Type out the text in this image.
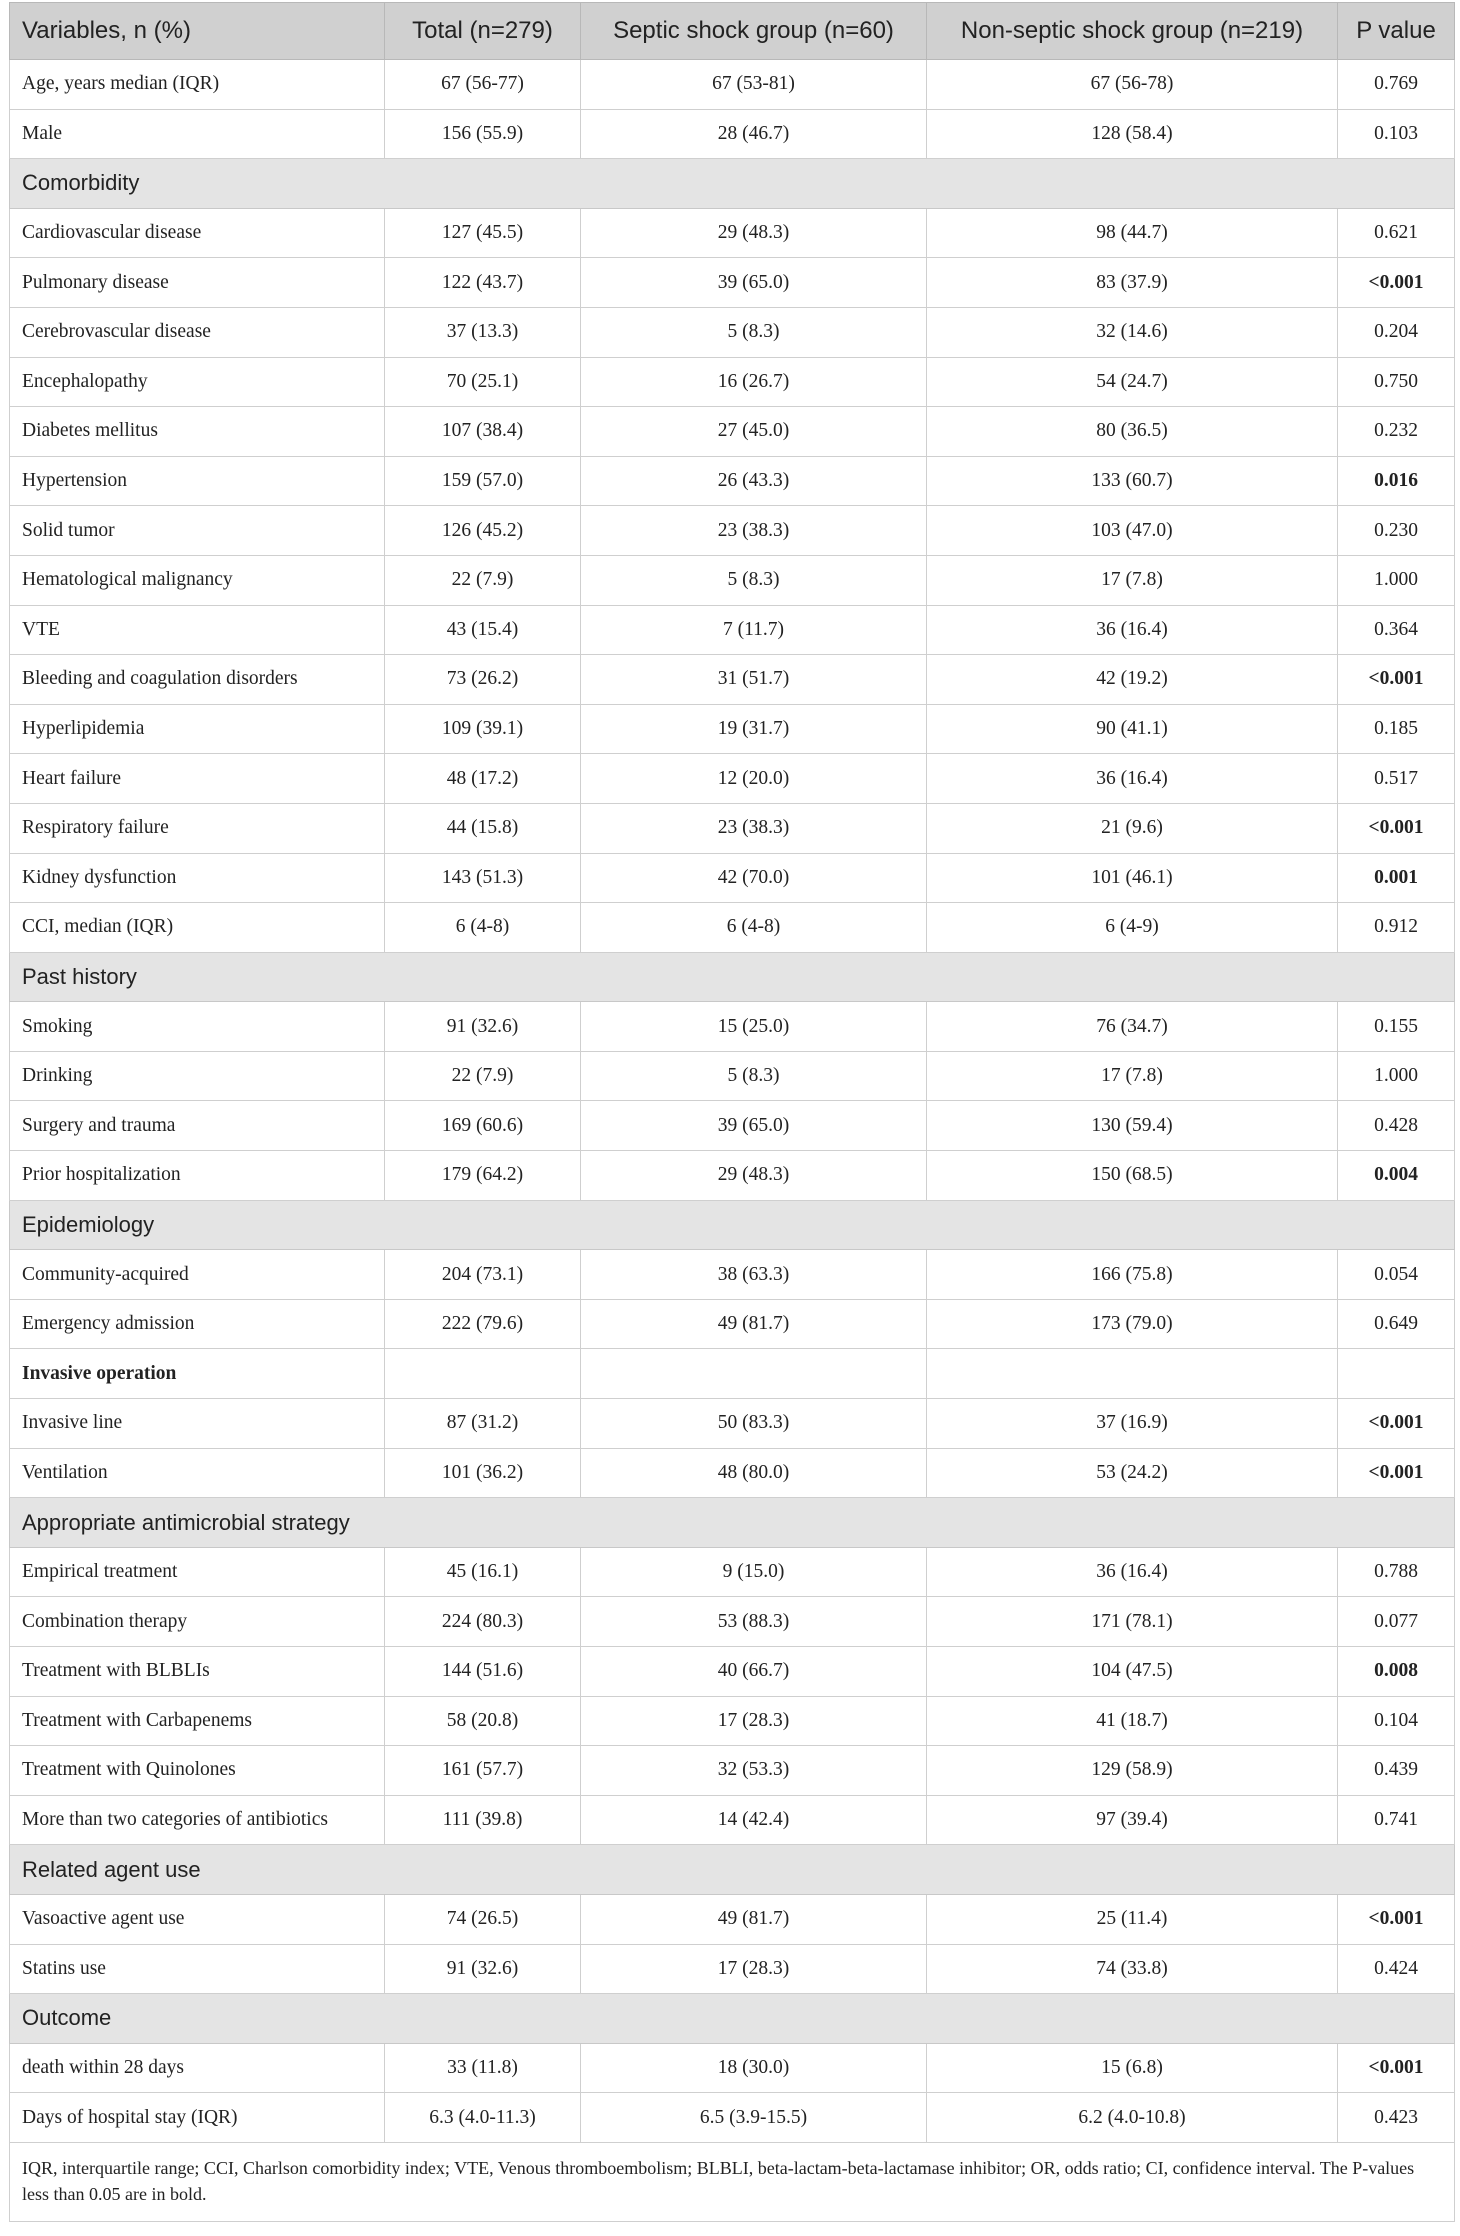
Variables, n (%)	Total (n=279)	Septic shock group (n=60)	Non-septic shock group (n=219)	P value
Age, years median (IQR)	67 (56-77)	67 (53-81)	67 (56-78)	0.769
Male	156 (55.9)	28 (46.7)	128 (58.4)	0.103
Comorbidity				
Cardiovascular disease	127 (45.5)	29 (48.3)	98 (44.7)	0.621
Pulmonary disease	122 (43.7)	39 (65.0)	83 (37.9)	<0.001
Cerebrovascular disease	37 (13.3)	5 (8.3)	32 (14.6)	0.204
Encephalopathy	70 (25.1)	16 (26.7)	54 (24.7)	0.750
Diabetes mellitus	107 (38.4)	27 (45.0)	80 (36.5)	0.232
Hypertension	159 (57.0)	26 (43.3)	133 (60.7)	0.016
Solid tumor	126 (45.2)	23 (38.3)	103 (47.0)	0.230
Hematological malignancy	22 (7.9)	5 (8.3)	17 (7.8)	1.000
VTE	43 (15.4)	7 (11.7)	36 (16.4)	0.364
Bleeding and coagulation disorders	73 (26.2)	31 (51.7)	42 (19.2)	<0.001
Hyperlipidemia	109 (39.1)	19 (31.7)	90 (41.1)	0.185
Heart failure	48 (17.2)	12 (20.0)	36 (16.4)	0.517
Respiratory failure	44 (15.8)	23 (38.3)	21 (9.6)	<0.001
Kidney dysfunction	143 (51.3)	42 (70.0)	101 (46.1)	0.001
CCI, median (IQR)	6 (4-8)	6 (4-8)	6 (4-9)	0.912
Past history				
Smoking	91 (32.6)	15 (25.0)	76 (34.7)	0.155
Drinking	22 (7.9)	5 (8.3)	17 (7.8)	1.000
Surgery and trauma	169 (60.6)	39 (65.0)	130 (59.4)	0.428
Prior hospitalization	179 (64.2)	29 (48.3)	150 (68.5)	0.004
Epidemiology				
Community-acquired	204 (73.1)	38 (63.3)	166 (75.8)	0.054
Emergency admission	222 (79.6)	49 (81.7)	173 (79.0)	0.649
Invasive operation				
Invasive line	87 (31.2)	50 (83.3)	37 (16.9)	<0.001
Ventilation	101 (36.2)	48 (80.0)	53 (24.2)	<0.001
Appropriate antimicrobial strategy				
Empirical treatment	45 (16.1)	9 (15.0)	36 (16.4)	0.788
Combination therapy	224 (80.3)	53 (88.3)	171 (78.1)	0.077
Treatment with BLBLIs	144 (51.6)	40 (66.7)	104 (47.5)	0.008
Treatment with Carbapenems	58 (20.8)	17 (28.3)	41 (18.7)	0.104
Treatment with Quinolones	161 (57.7)	32 (53.3)	129 (58.9)	0.439
More than two categories of antibiotics	111 (39.8)	14 (42.4)	97 (39.4)	0.741
Related agent use				
Vasoactive agent use	74 (26.5)	49 (81.7)	25 (11.4)	<0.001
Statins use	91 (32.6)	17 (28.3)	74 (33.8)	0.424
Outcome				
death within 28 days	33 (11.8)	18 (30.0)	15 (6.8)	<0.001
Days of hospital stay (IQR)	6.3 (4.0-11.3)	6.5 (3.9-15.5)	6.2 (4.0-10.8)	0.423
IQR, interquartile range; CCI, Charlson comorbidity index; VTE, Venous thromboembolism; BLBLI, beta-lactam-beta-lactamase inhibitor; OR, odds ratio; CI, confidence interval. The P-values less than 0.05 are in bold.				
